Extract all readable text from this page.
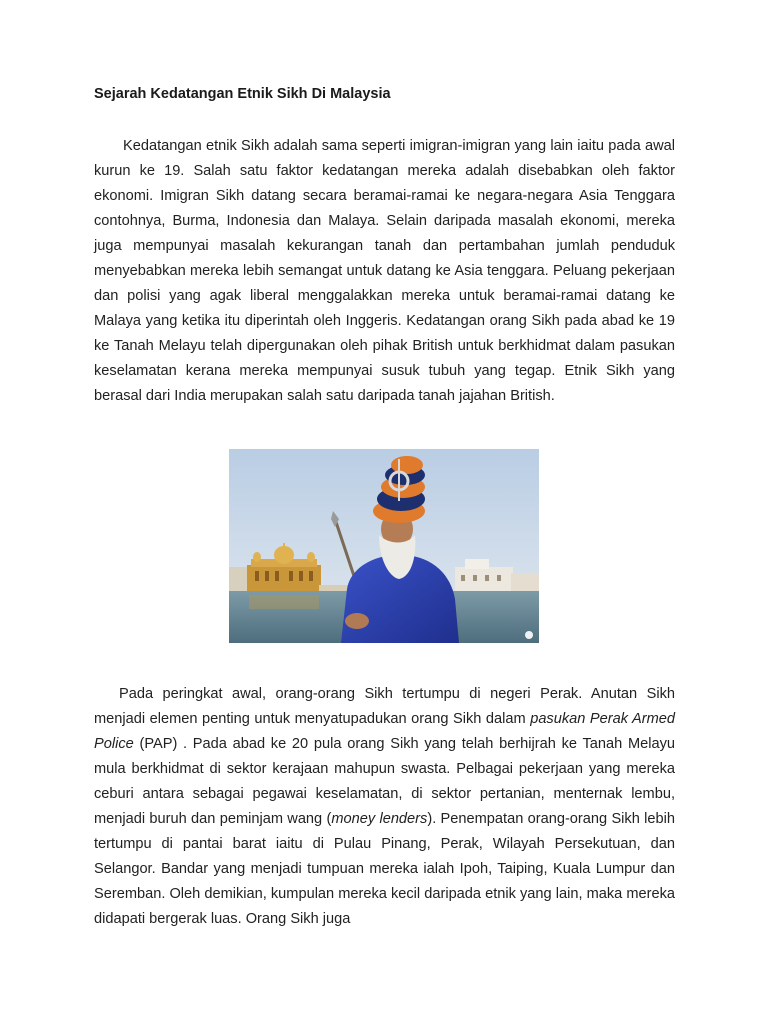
Sejarah Kedatangan Etnik Sikh Di Malaysia

Kedatangan etnik Sikh adalah sama seperti imigran-imigran yang lain iaitu pada awal kurun ke 19. Salah satu faktor kedatangan mereka adalah disebabkan oleh faktor ekonomi. Imigran Sikh datang secara beramai-ramai ke negara-negara Asia Tenggara contohnya, Burma, Indonesia dan Malaya. Selain daripada masalah ekonomi, mereka juga mempunyai masalah kekurangan tanah dan pertambahan jumlah penduduk menyebabkan mereka lebih semangat untuk datang ke Asia tenggara. Peluang pekerjaan dan polisi yang agak liberal menggalakkan mereka untuk beramai-ramai datang ke Malaya yang ketika itu diperintah oleh Inggeris. Kedatangan orang Sikh pada abad ke 19 ke Tanah Melayu telah dipergunakan oleh pihak British untuk berkhidmat dalam pasukan keselamatan kerana mereka mempunyai susuk tubuh yang tegap. Etnik Sikh yang berasal dari India merupakan salah satu daripada tanah jajahan British.

Pada peringkat awal, orang-orang Sikh tertumpu di negeri Perak. Anutan Sikh menjadi elemen penting untuk menyatupadukan orang Sikh dalam pasukan Perak Armed Police (PAP) . Pada abad ke 20 pula orang Sikh yang telah berhijrah ke Tanah Melayu mula berkhidmat di sektor kerajaan mahupun swasta. Pelbagai pekerjaan yang mereka ceburi antara sebagai pegawai keselamatan, di sektor pertanian, menternak lembu, menjadi buruh dan peminjam wang (money lenders). Penempatan orang-orang Sikh lebih tertumpu di pantai barat iaitu di Pulau Pinang, Perak, Wilayah Persekutuan, dan Selangor. Bandar yang menjadi tumpuan mereka ialah Ipoh, Taiping, Kuala Lumpur dan Seremban. Oleh demikian, kumpulan mereka kecil daripada etnik yang lain, maka mereka didapati bergerak luas. Orang Sikh juga
